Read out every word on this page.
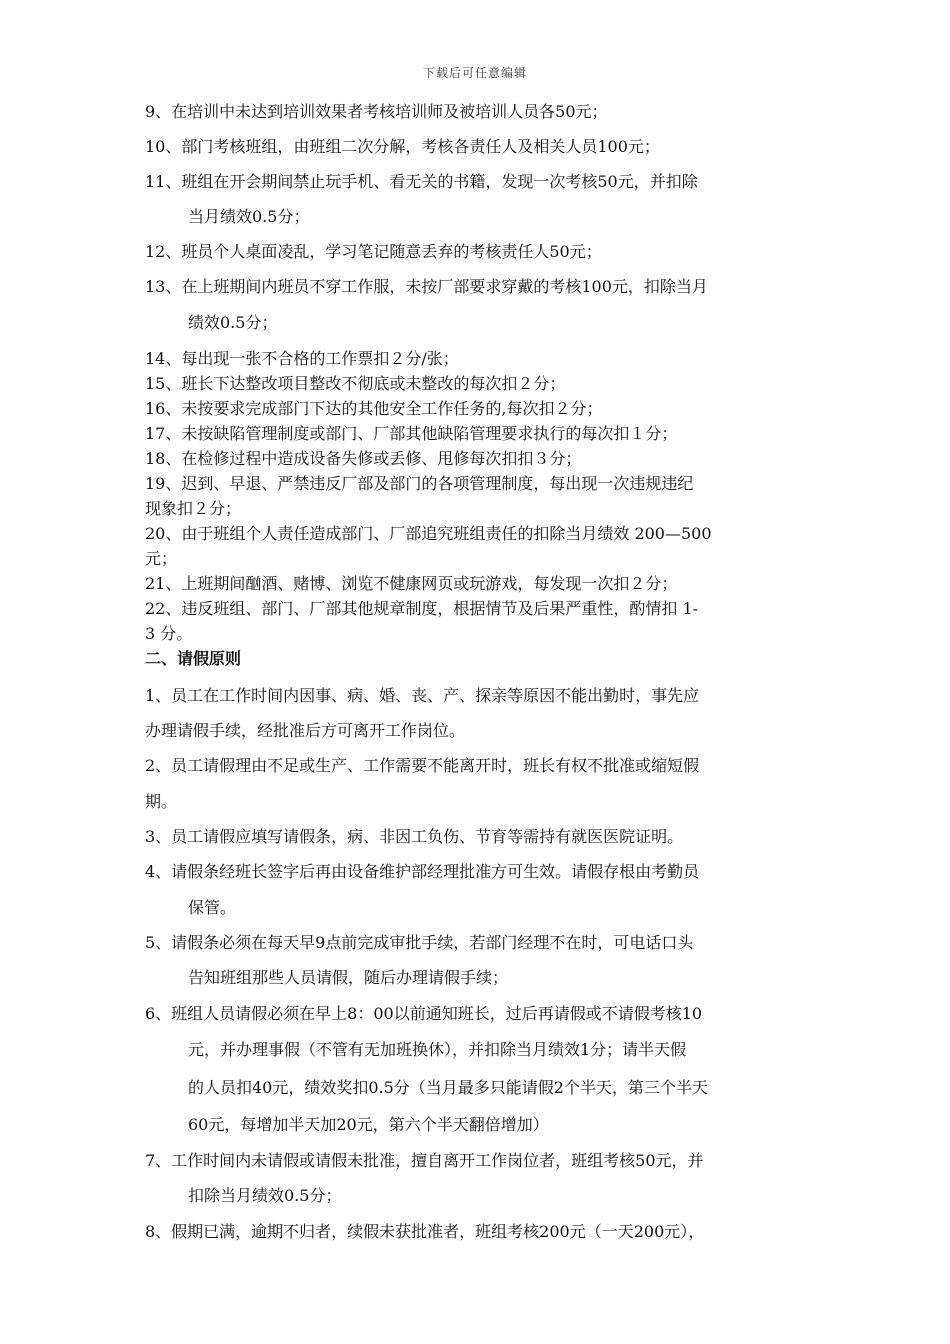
下载后可任意编辑
9、在培训中未达到培训效果者考核培训师及被培训人员各50元；
10、部门考核班组，由班组二次分解，考核各责任人及相关人员100元；
11、班组在开会期间禁止玩手机、看无关的书籍，发现一次考核50元，并扣除
当月绩效0.5分；
12、班员个人桌面凌乱，学习笔记随意丢弃的考核责任人50元；
13、在上班期间内班员不穿工作服，未按厂部要求穿戴的考核100元，扣除当月
绩效0.5分；
14、每出现一张不合格的工作票扣２分/张；
15、班长下达整改项目整改不彻底或未整改的每次扣２分；
16、未按要求完成部门下达的其他安全工作任务的,每次扣２分；
17、未按缺陷管理制度或部门、厂部其他缺陷管理要求执行的每次扣１分；
18、在检修过程中造成设备失修或丢修、甩修每次扣扣３分；
19、迟到、早退、严禁违反厂部及部门的各项管理制度，每出现一次违规违纪
现象扣２分；
20、由于班组个人责任造成部门、厂部追究班组责任的扣除当月绩效 200—500
元；
21、上班期间酗酒、赌博、浏览不健康网页或玩游戏，每发现一次扣２分；
22、违反班组、部门、厂部其他规章制度，根据情节及后果严重性，酌情扣 1-
3 分。
二、请假原则
1、员工在工作时间内因事、病、婚、丧、产、探亲等原因不能出勤时，事先应
办理请假手续，经批准后方可离开工作岗位。
2、员工请假理由不足或生产、工作需要不能离开时，班长有权不批准或缩短假
期。
3、员工请假应填写请假条，病、非因工负伤、节育等需持有就医医院证明。
4、请假条经班长签字后再由设备维护部经理批准方可生效。请假存根由考勤员
保管。
5、请假条必须在每天早9点前完成审批手续，若部门经理不在时，可电话口头
告知班组那些人员请假，随后办理请假手续；
6、班组人员请假必须在早上8：00以前通知班长，过后再请假或不请假考核10
元，并办理事假（不管有无加班换休），并扣除当月绩效1分；请半天假
的人员扣40元，绩效奖扣0.5分（当月最多只能请假2个半天，第三个半天
60元，每增加半天加20元，第六个半天翻倍增加）
7、工作时间内未请假或请假未批准，擅自离开工作岗位者，班组考核50元，并
扣除当月绩效0.5分；
8、假期已满，逾期不归者，续假未获批准者，班组考核200元（一天200元），
